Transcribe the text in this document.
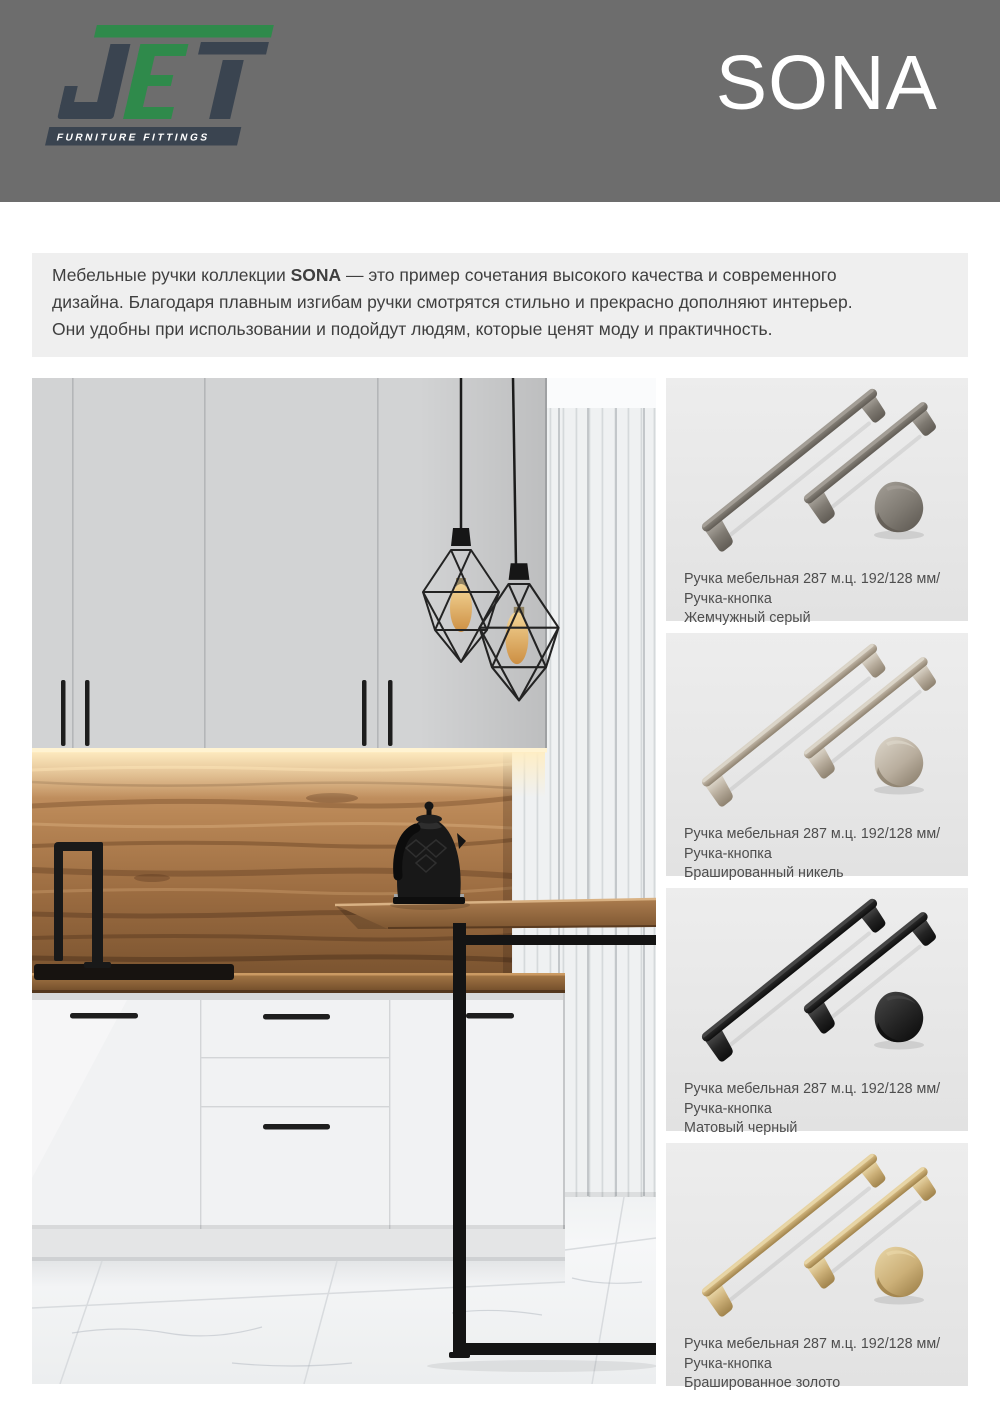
FURNITURE FITTINGS
SONA
Мебельные ручки коллекции SONA — это пример сочетания высокого качества и современного
дизайна. Благодаря плавным изгибам ручки смотрятся стильно и прекрасно дополняют интерьер.
Они удобны при использовании и подойдут людям, которые ценят моду и практичность.
Ручка мебельная 287 м.ц. 192/128 мм/Ручка-кнопка
Жемчужный серый
Ручка мебельная 287 м.ц. 192/128 мм/Ручка-кнопка
Брашированный никель
Ручка мебельная 287 м.ц. 192/128 мм/Ручка-кнопка
Матовый черный
Ручка мебельная 287 м.ц. 192/128 мм/Ручка-кнопка
Брашированное золото
